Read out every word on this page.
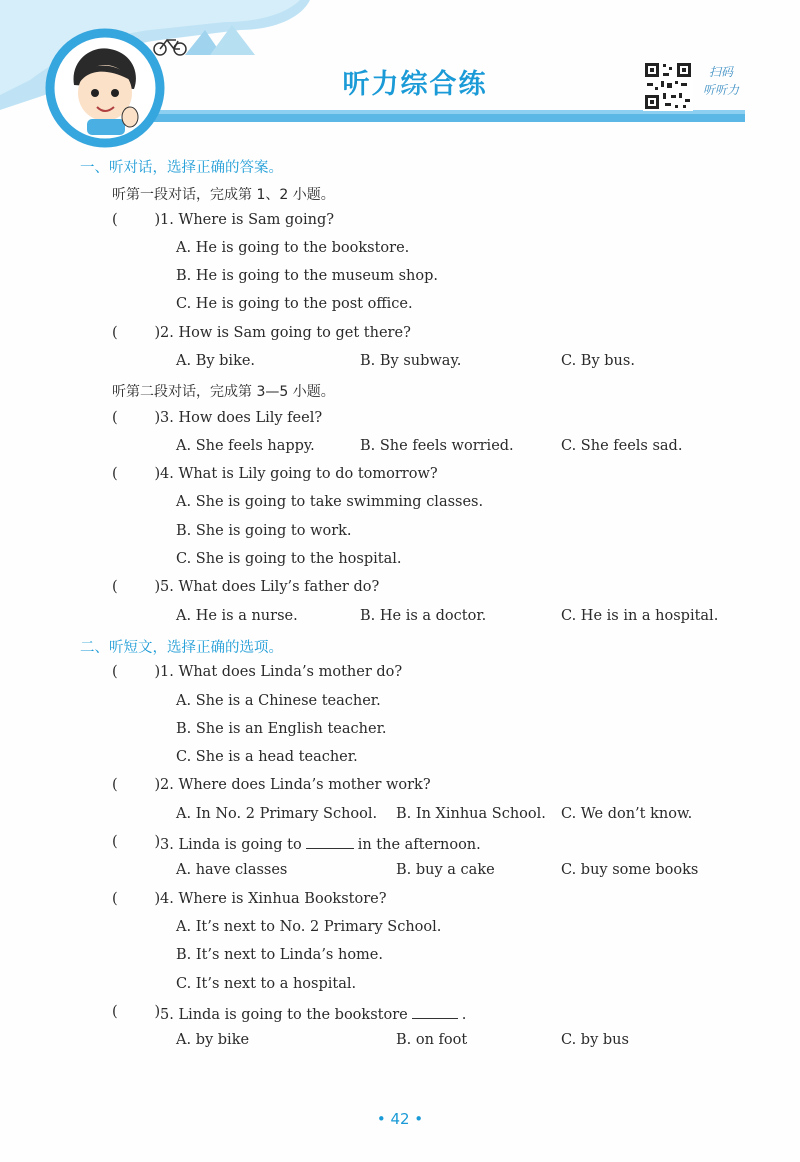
听力综合练	扫码
听听力
一、听对话，选择正确的答案。
听第一段对话，完成第 1、2 小题。
(        ) 1. Where is Sam going?
A. He is going to the bookstore.
B. He is going to the museum shop.
C. He is going to the post office.
(        ) 2. How is Sam going to get there?
A. By bike.	B. By subway.	C. By bus.
听第二段对话，完成第 3—5 小题。
(        ) 3. How does Lily feel?
A. She feels happy.	B. She feels worried.	C. She feels sad.
(        ) 4. What is Lily going to do tomorrow?
A. She is going to take swimming classes.
B. She is going to work.
C. She is going to the hospital.
(        ) 5. What does Lily’s father do?
A. He is a nurse.	B. He is a doctor.	C. He is in a hospital.
二、听短文，选择正确的选项。
(        ) 1. What does Linda’s mother do?
A. She is a Chinese teacher.
B. She is an English teacher.
C. She is a head teacher.
(        ) 2. Where does Linda’s mother work?
A. In No. 2 Primary School. B. In Xinhua School. C. We don’t know.
(        ) 3. Linda is going to	in the afternoon.
A. have classes	B. buy a cake	C. buy some books
(        ) 4. Where is Xinhua Bookstore?
A. It’s next to No. 2 Primary School.
B. It’s next to Linda’s home.
C. It’s next to a hospital.
(        ) 5. Linda is going to the bookstore	.
A. by bike	B. on foot	C. by bus
• 42 •
